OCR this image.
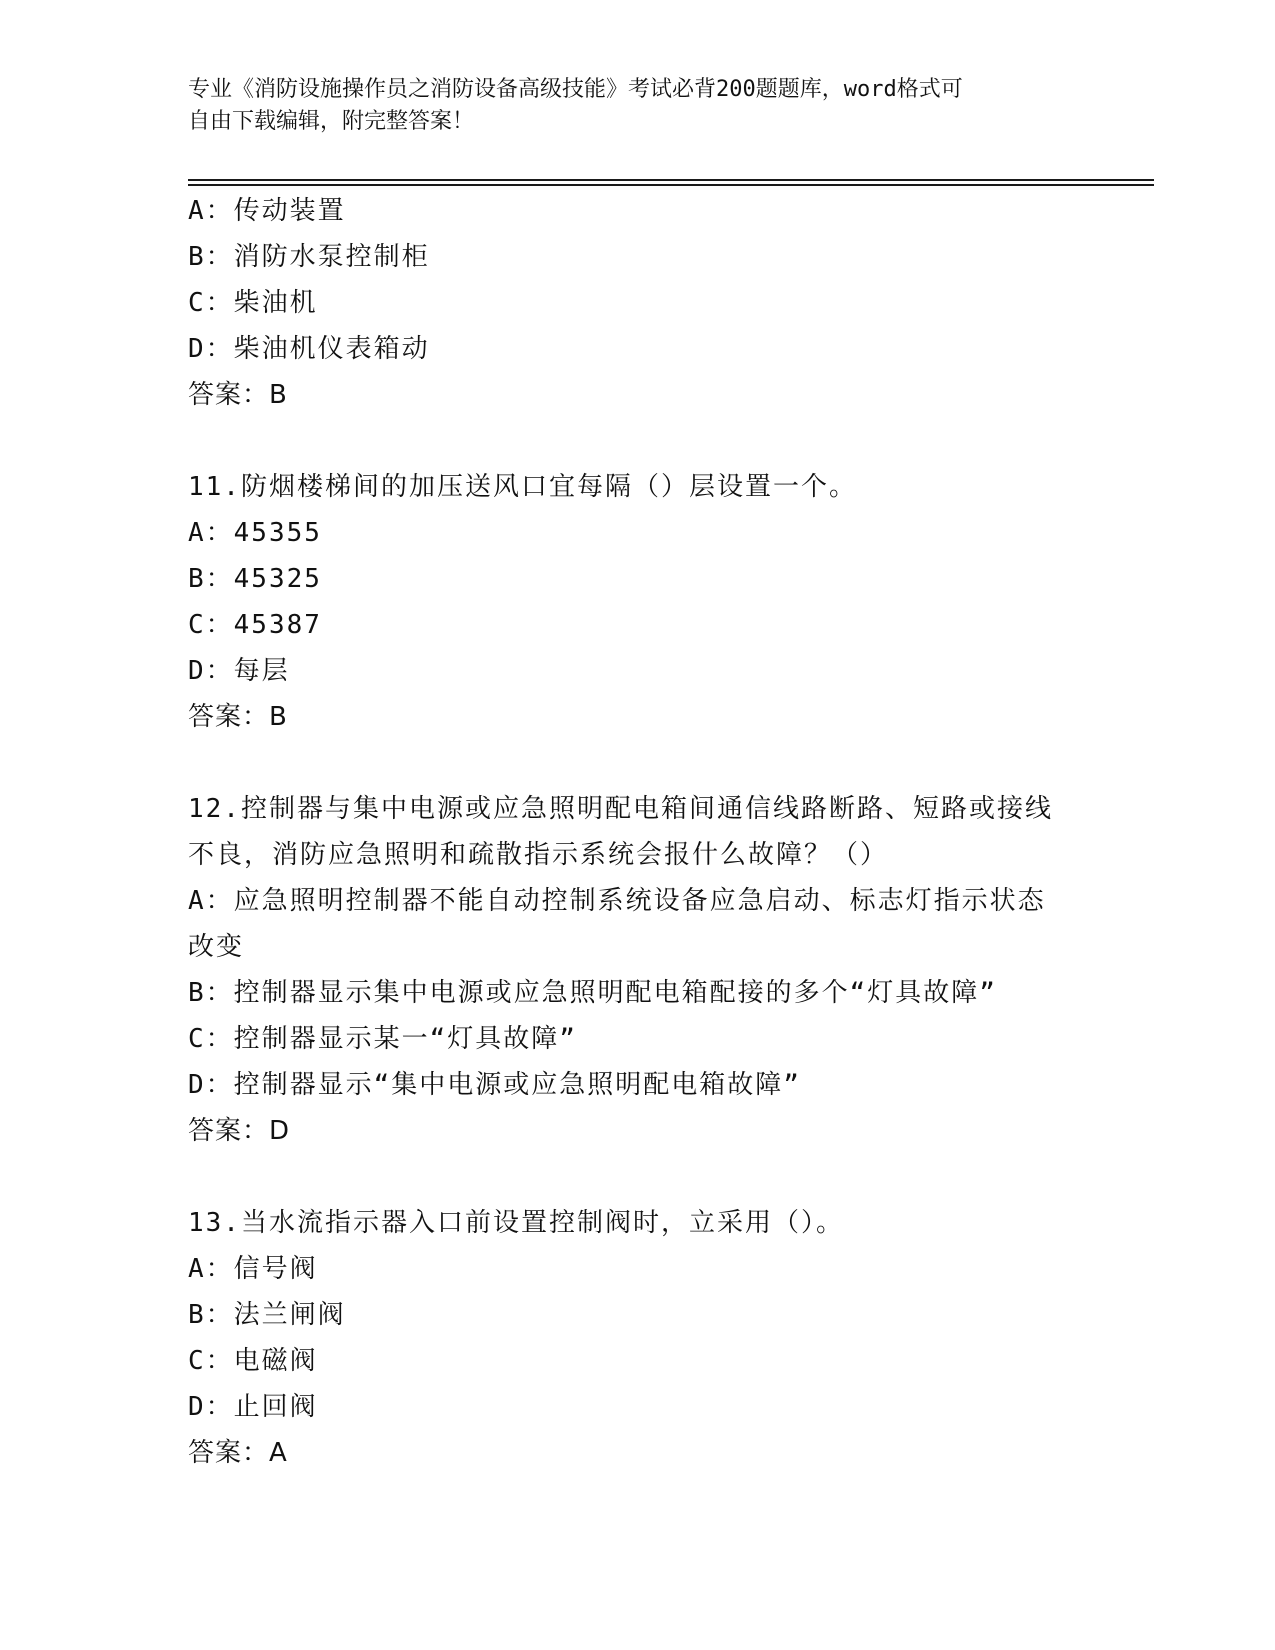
专业《消防设施操作员之消防设备高级技能》考试必背200题题库，word格式可
自由下载编辑，附完整答案！
A：传动装置
B：消防水泵控制柜
C：柴油机
D：柴油机仪表箱动
答案：B
11.防烟楼梯间的加压送风口宜每隔（）层设置一个。
A：45355
B：45325
C：45387
D：每层
答案：B
12.控制器与集中电源或应急照明配电箱间通信线路断路、短路或接线
不良，消防应急照明和疏散指示系统会报什么故障？（）
A：应急照明控制器不能自动控制系统设备应急启动、标志灯指示状态
改变
B：控制器显示集中电源或应急照明配电箱配接的多个“灯具故障”
C：控制器显示某一“灯具故障”
D：控制器显示“集中电源或应急照明配电箱故障”
答案：D
13.当水流指示器入口前设置控制阀时，立采用（）。
A：信号阀
B：法兰闸阀
C：电磁阀
D：止回阀
答案：A
